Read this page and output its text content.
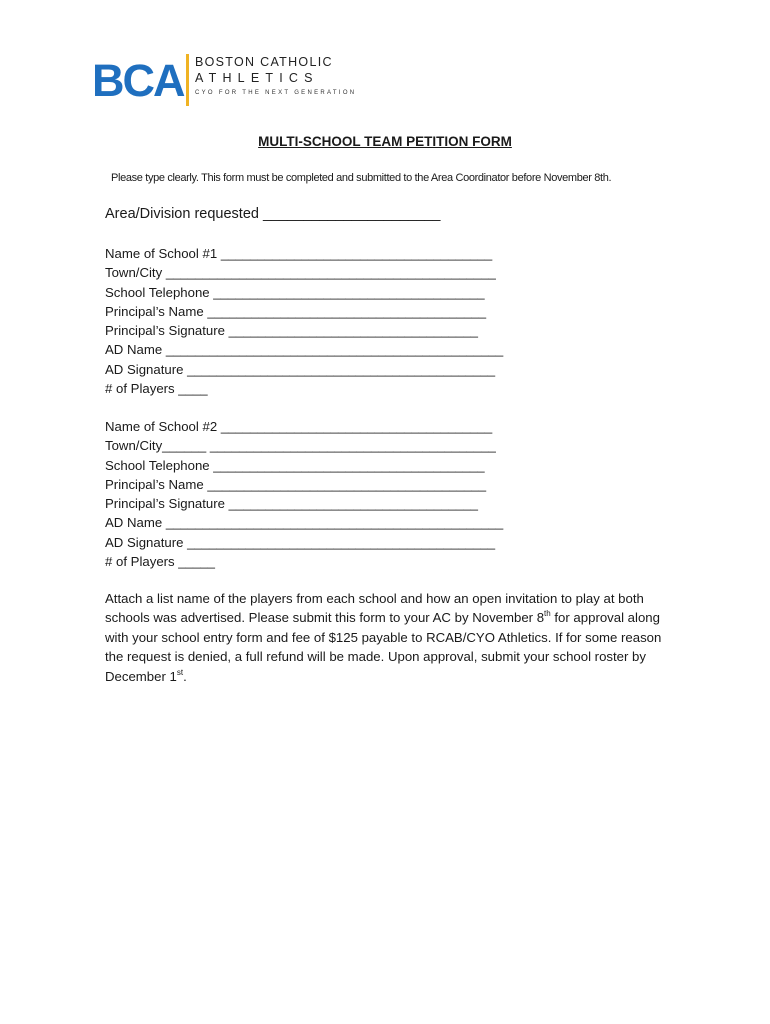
BCA BOSTON CATHOLIC
ATHLETICS
CYO FOR THE NEXT GENERATION
MULTI-SCHOOL TEAM PETITION FORM
Please type clearly. This form must be completed and submitted to the Area Coordinator before November 8th.
Area/Division requested ______________________
Name of School #1 _____________________________________
Town/City _____________________________________________
School Telephone _____________________________________
Principal’s Name ______________________________________
Principal’s Signature __________________________________
AD Name ______________________________________________
AD Signature __________________________________________
# of Players ____
Name of School #2 _____________________________________
Town/City______ _______________________________________
School Telephone _____________________________________
Principal’s Name ______________________________________
Principal’s Signature __________________________________
AD Name ______________________________________________
AD Signature __________________________________________
# of Players _____
Attach a list name of the players from each school and how an open invitation to play at both schools was advertised. Please submit this form to your AC by November 8th for approval along with your school entry form and fee of $125 payable to RCAB/CYO Athletics. If for some reason the request is denied, a full refund will be made. Upon approval, submit your school roster by December 1st.
